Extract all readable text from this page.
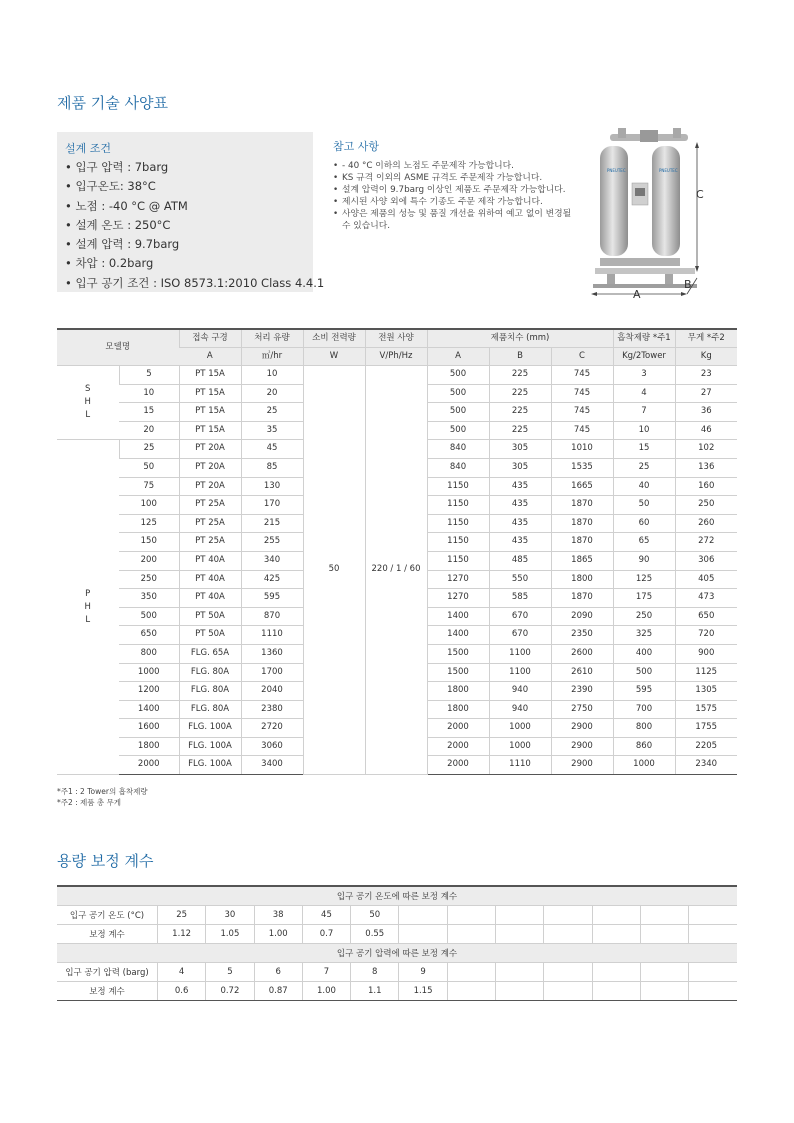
제품 기술 사양표
설계 조건
• 입구 압력 : 7barg
• 입구온도: 38°C
• 노점 : -40 °C @ ATM
• 설계 온도 : 250°C
• 설계 압력 : 9.7barg
• 차압 : 0.2barg
• 입구 공기 조건 : ISO 8573.1:2010 Class 4.4.1
참고 사항
• - 40 °C 이하의 노점도 주문제작 가능합니다.
• KS 규격 이외의 ASME 규격도 주문제작 가능합니다.
• 설계 압력이 9.7barg 이상인 제품도 주문제작 가능합니다.
• 제시된 사양 외에 특수 기종도 주문 제작 가능합니다.
• 사양은 제품의 성능 및 품질 개선을 위하여 예고 없이 변경될 수 있습니다.
PNEUTEC	PNEUTEC
C
A
B
모델명		접속 구경	처리 유량	소비 전력량	전원 사양	제품치수 (mm)			흡착제량 *주1	무게 *주2
		A	㎥/hr	W	V/Ph/Hz	A	B	C	Kg/2Tower	Kg
S
H
L	5	PT 15A	10	50	220 / 1 / 60	500	225	745	3	23
	10	PT 15A	20			500	225	745	4	27
	15	PT 15A	25			500	225	745	7	36
	20	PT 15A	35			500	225	745	10	46
P
H
L	25	PT 20A	45			840	305	1010	15	102
	50	PT 20A	85			840	305	1535	25	136
	75	PT 20A	130			1150	435	1665	40	160
	100	PT 25A	170			1150	435	1870	50	250
	125	PT 25A	215			1150	435	1870	60	260
	150	PT 25A	255			1150	435	1870	65	272
	200	PT 40A	340			1150	485	1865	90	306
	250	PT 40A	425			1270	550	1800	125	405
	350	PT 40A	595			1270	585	1870	175	473
	500	PT 50A	870			1400	670	2090	250	650
	650	PT 50A	1110			1400	670	2350	325	720
	800	FLG. 65A	1360			1500	1100	2600	400	900
	1000	FLG. 80A	1700			1500	1100	2610	500	1125
	1200	FLG. 80A	2040			1800	940	2390	595	1305
	1400	FLG. 80A	2380			1800	940	2750	700	1575
	1600	FLG. 100A	2720			2000	1000	2900	800	1755
	1800	FLG. 100A	3060			2000	1000	2900	860	2205
	2000	FLG. 100A	3400			2000	1110	2900	1000	2340
*주1 : 2 Tower의 흡착제량
*주2 : 제품 총 무게
용량 보정 계수
입구 공기 온도에 따른 보정 계수												
입구 공기 온도 (°C)	25	30	38	45	50							
보정 계수	1.12	1.05	1.00	0.7	0.55							
입구 공기 압력에 따른 보정 계수												
입구 공기 압력 (barg)	4	5	6	7	8	9						
보정 계수	0.6	0.72	0.87	1.00	1.1	1.15						
